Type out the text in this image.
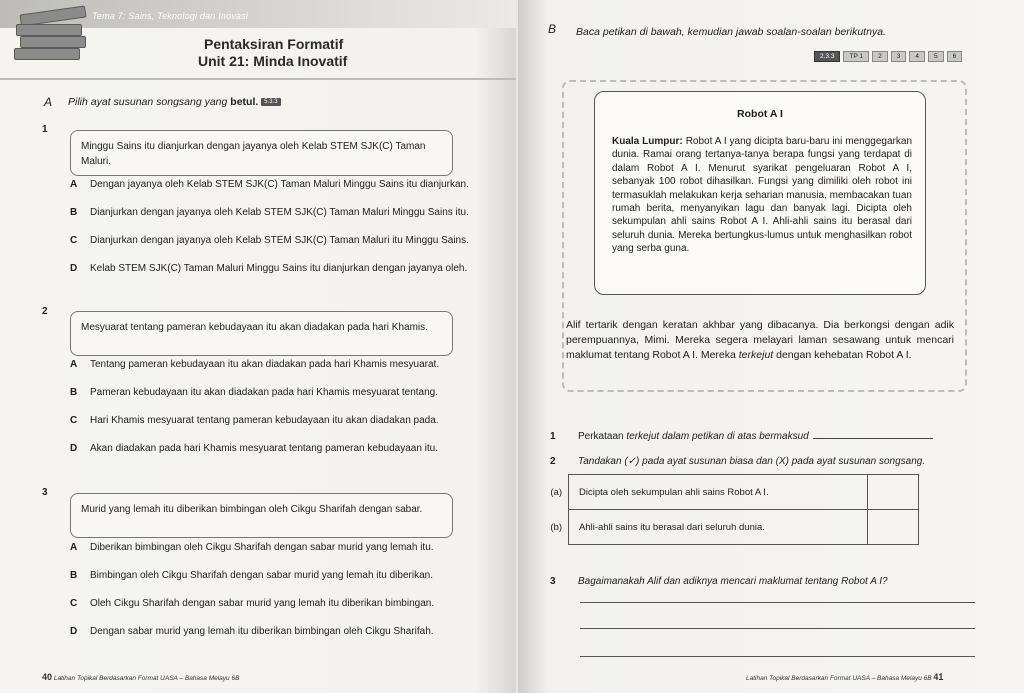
Tema 7: Sains, Teknologi dan Inovasi
Pentaksiran Formatif
Unit 21: Minda Inovatif
A Pilih ayat susunan songsang yang betul. 5.3.3
1
Minggu Sains itu dianjurkan dengan jayanya oleh Kelab STEM SJK(C) Taman Maluri.
A Dengan jayanya oleh Kelab STEM SJK(C) Taman Maluri Minggu Sains itu dianjurkan.
B Dianjurkan dengan jayanya oleh Kelab STEM SJK(C) Taman Maluri Minggu Sains itu.
C Dianjurkan dengan jayanya oleh Kelab STEM SJK(C) Taman Maluri itu Minggu Sains.
D Kelab STEM SJK(C) Taman Maluri Minggu Sains itu dianjurkan dengan jayanya oleh.
2
Mesyuarat tentang pameran kebudayaan itu akan diadakan pada hari Khamis.
A Tentang pameran kebudayaan itu akan diadakan pada hari Khamis mesyuarat.
B Pameran kebudayaan itu akan diadakan pada hari Khamis mesyuarat tentang.
C Hari Khamis mesyuarat tentang pameran kebudayaan itu akan diadakan pada.
D Akan diadakan pada hari Khamis mesyuarat tentang pameran kebudayaan itu.
3
Murid yang lemah itu diberikan bimbingan oleh Cikgu Sharifah dengan sabar.
A Diberikan bimbingan oleh Cikgu Sharifah dengan sabar murid yang lemah itu.
B Bimbingan oleh Cikgu Sharifah dengan sabar murid yang lemah itu diberikan.
C Oleh Cikgu Sharifah dengan sabar murid yang lemah itu diberikan bimbingan.
D Dengan sabar murid yang lemah itu diberikan bimbingan oleh Cikgu Sharifah.
40 Latihan Topikal Berdasarkan Format UASA – Bahasa Melayu 6B
B Baca petikan di bawah, kemudian jawab soalan-soalan berikutnya.
2.3.3	TP 1	2	3	4	5	6
Robot A I
Kuala Lumpur: Robot A I yang dicipta baru-baru ini menggegarkan dunia. Ramai orang tertanya-tanya berapa fungsi yang terdapat di dalam Robot A I. Menurut syarikat pengeluaran Robot A I, sebanyak 100 robot dihasilkan. Fungsi yang dimiliki oleh robot ini termasuklah melakukan kerja seharian manusia, membacakan tuan rumah berita, menyanyikan lagu dan banyak lagi. Dicipta oleh sekumpulan ahli sains Robot A I. Ahli-ahli sains itu berasal dari seluruh dunia. Mereka bertungkus-lumus untuk menghasilkan robot yang serba guna.
Alif tertarik dengan keratan akhbar yang dibacanya. Dia berkongsi dengan adik perempuannya, Mimi. Mereka segera melayari laman sesawang untuk mencari maklumat tentang Robot A I. Mereka terkejut dengan kehebatan Robot A I.
1 Perkataan terkejut dalam petikan di atas bermaksud
2 Tandakan (✓) pada ayat susunan biasa dan (X) pada ayat susunan songsang.
(a)	Dicipta oleh sekumpulan ahli sains Robot A I.	
(b)	Ahli-ahli sains itu berasal dari seluruh dunia.	
3 Bagaimanakah Alif dan adiknya mencari maklumat tentang Robot A I?
Latihan Topikal Berdasarkan Format UASA – Bahasa Melayu 6B 41
